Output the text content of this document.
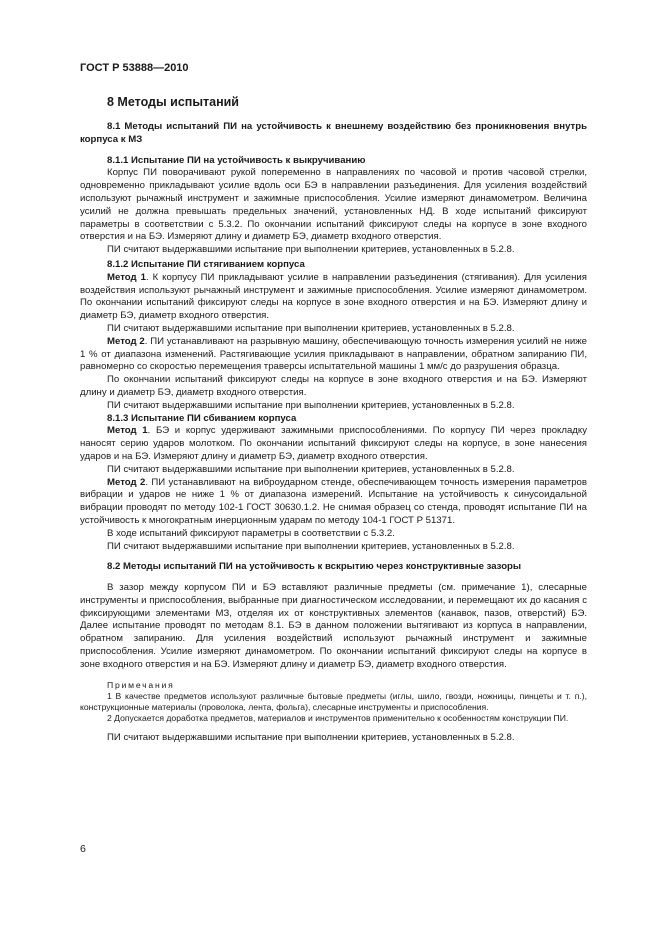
ГОСТ Р 53888—2010
8 Методы испытаний
8.1 Методы испытаний ПИ на устойчивость к внешнему воздействию без проникновения внутрь корпуса к МЗ
8.1.1 Испытание ПИ на устойчивость к выкручиванию

Корпус ПИ поворачивают рукой попеременно в направлениях по часовой и против часовой стрелки, одновременно прикладывают усилие вдоль оси БЭ в направлении разъединения. Для усиления воздействий используют рычажный инструмент и зажимные приспособления. Усилие измеряют динамометром. Величина усилий не должна превышать предельных значений, установленных НД. В ходе испытаний фиксируют параметры в соответствии с 5.3.2. По окончании испытаний фиксируют следы на корпусе в зоне входного отверстия и на БЭ. Измеряют длину и диаметр БЭ, диаметр входного отверстия.

ПИ считают выдержавшими испытание при выполнении критериев, установленных в 5.2.8.

8.1.2 Испытание ПИ стягиванием корпуса

Метод 1. К корпусу ПИ прикладывают усилие в направлении разъединения (стягивания). Для усиления воздействия используют рычажный инструмент и зажимные приспособления. Усилие измеряют динамометром. По окончании испытаний фиксируют следы на корпусе в зоне входного отверстия и на БЭ. Измеряют длину и диаметр БЭ, диаметр входного отверстия.

ПИ считают выдержавшими испытание при выполнении критериев, установленных в 5.2.8.

Метод 2. ПИ устанавливают на разрывную машину, обеспечивающую точность измерения усилий не ниже 1 % от диапазона изменений. Растягивающие усилия прикладывают в направлении, обратном запиранию ПИ, равномерно со скоростью перемещения траверсы испытательной машины 1 мм/с до разрушения образца.

По окончании испытаний фиксируют следы на корпусе в зоне входного отверстия и на БЭ. Измеряют длину и диаметр БЭ, диаметр входного отверстия.

ПИ считают выдержавшими испытание при выполнении критериев, установленных в 5.2.8.

8.1.3 Испытание ПИ сбиванием корпуса

Метод 1. БЭ и корпус удерживают зажимными приспособлениями. По корпусу ПИ через прокладку наносят серию ударов молотком. По окончании испытаний фиксируют следы на корпусе, в зоне нанесения ударов и на БЭ. Измеряют длину и диаметр БЭ, диаметр входного отверстия.

ПИ считают выдержавшими испытание при выполнении критериев, установленных в 5.2.8.

Метод 2. ПИ устанавливают на виброударном стенде, обеспечивающем точность измерения параметров вибрации и ударов не ниже 1 % от диапазона измерений. Испытание на устойчивость к синусоидальной вибрации проводят по методу 102-1 ГОСТ 30630.1.2. Не снимая образец со стенда, проводят испытание ПИ на устойчивость к многократным инерционным ударам по методу 104-1 ГОСТ Р 51371.

В ходе испытаний фиксируют параметры в соответствии с 5.3.2.

ПИ считают выдержавшими испытание при выполнении критериев, установленных в 5.2.8.

8.2 Методы испытаний ПИ на устойчивость к вскрытию через конструктивные зазоры

В зазор между корпусом ПИ и БЭ вставляют различные предметы (см. примечание 1), слесарные инструменты и приспособления, выбранные при диагностическом исследовании, и перемещают их до касания с фиксирующими элементами МЗ, отделяя их от конструктивных элементов (канавок, пазов, отверстий) БЭ. Далее испытание проводят по методам 8.1. БЭ в данном положении вытягивают из корпуса в направлении, обратном запиранию. Для усиления воздействий используют рычажный инструмент и зажимные приспособления. Усилие измеряют динамометром. По окончании испытаний фиксируют следы на корпусе в зоне входного отверстия и на БЭ. Измеряют длину и диаметр БЭ, диаметр входного отверстия.

Примечания
1 В качестве предметов используют различные бытовые предметы (иглы, шило, гвозди, ножницы, пинцеты и т. п.), конструкционные материалы (проволока, лента, фольга), слесарные инструменты и приспособления.
2 Допускается доработка предметов, материалов и инструментов применительно к особенностям конструкции ПИ.

ПИ считают выдержавшими испытание при выполнении критериев, установленных в 5.2.8.

6
